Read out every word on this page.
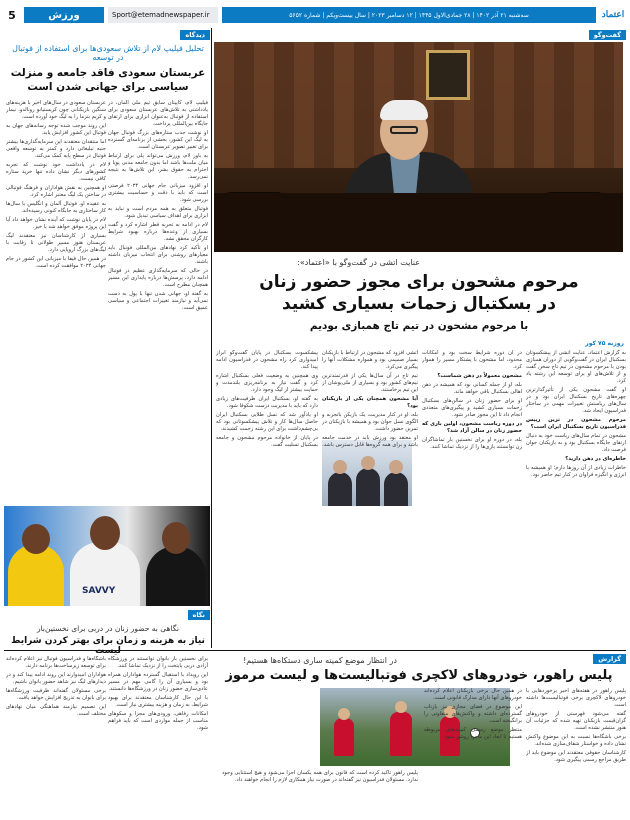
5	ورزش	Sport@etemadnewspaper.ir	سه‌شنبه ۲۱ آذر ۱۴۰۲ | ۲۸ جمادی‌الاول ۱۴۴۵ | ۱۲ دسامبر ۲۰۲۳ | سال بیست‌ویکم | شماره ۵۶۵۲	اعتماد
گفت‌وگو
دیدگاه
نگاه
گزارش
عنایت اتشی در گفت‌وگو با «اعتماد»:
مرحوم مشحون برای مجوز حضور زنان
در بسکتبال زحمات بسیاری کشید
با مرحوم مشحون در تیم تاج همبازی بودیم
روزبه ۷۵ کور

به گزارش اعتماد، عنایت اتشی از پیشکسوتان بسکتبال ایران در گفت‌وگویی از دوران همبازی بودن با مرحوم مشحون در تیم تاج سخن گفت و از تلاش‌های او برای توسعه این رشته یاد کرد.

او گفت مشحون یکی از تأثیرگذارترین چهره‌های تاریخ بسکتبال ایران بود و در سال‌های ریاستش تغییرات مهمی در ساختار فدراسیون ایجاد شد.

مرحوم مشحون در ترین رییس فدراسیون تاریخ بسکتبال ایران است؟

مشحون در تمام سال‌های ریاست خود به دنبال ارتقای جایگاه بسکتبال بود و به بازیکنان جوان فرصت داد.

خاطره‌ای در ذهن دارید؟

خاطرات زیادی از آن روزها دارم؛ او همیشه با انرژی و انگیزه فراوان در کنار تیم حاضر بود.

در آن دوره شرایط سخت بود و امکانات محدود، اما مشحون با پشتکار مسیر را هموار کرد.

مشحون معمولاً در ذهن شماست؟

بله، او از جمله کسانی بود که همیشه در ذهن اهالی بسکتبال باقی خواهد ماند.

او برای حضور زنان در سالن‌های بسکتبال زحمات بسیاری کشید و پیگیری‌های متعددی انجام داد تا این مجوز صادر شود.

در دوره ریاست مشحون، اولین باری که حضور زنان در سالن آزاد شد؟

بله، در دوره او برای نخستین بار تماشاگران زن توانستند بازی‌ها را از نزدیک تماشا کنند.

اتشی افزود که مشحون در ارتباط با بازیکنان بسیار صمیمی بود و همواره مشکلات آنها را پیگیری می‌کرد.

تیم تاج در آن سال‌ها یکی از قدرتمندترین تیم‌های کشور بود و بسیاری از ملی‌پوشان از این تیم برخاستند.

آیا مشحون همچنان یکی از بازیکنان بود؟

بله، او در کنار مدیریت، یک بازیکن باتجربه و الگوی نسل جوان بود و همیشه با بازیکنان در تمرین حضور داشت.

او معتقد بود ورزش باید در خدمت جامعه باشد و برای همه گروه‌ها قابل دسترس باشد.

پیشکسوت بسکتبال در پایان گفت‌وگو ابراز امیدواری کرد راه مشحون در فدراسیون ادامه پیدا کند.

وی همچنین به وضعیت فعلی بسکتبال اشاره کرد و گفت نیاز به برنامه‌ریزی بلندمدت و حمایت بیشتر از لیگ وجود دارد.

به گفته او، بسکتبال ایران ظرفیت‌های زیادی دارد که باید با مدیریت درست شکوفا شود.

او یادآور شد که نسل طلایی بسکتبال ایران حاصل سال‌ها کار و تلاش پیشکسوتانی بود که بی‌چشم‌داشت برای این رشته زحمت کشیدند.

در پایان از خانواده مرحوم مشحون و جامعه بسکتبال تسلیت گفت.

تحلیل فیلیپ لام از تلاش سعودی‌ها برای استفاده از فوتبال در توسعه
عربستان سعودی فاقد جامعه و منزلت سیاسی برای جهانی شدن است

فیلیپ لام، کاپیتان سابق تیم ملی آلمان، در یادداشتی به تلاش‌های عربستان سعودی برای استفاده از فوتبال به‌عنوان ابزاری برای ارتقای جایگاه بین‌المللی پرداخت.

او نوشت جذب ستاره‌های بزرگ فوتبال جهان به لیگ این کشور، بخشی از برنامه‌ای گسترده برای تغییر تصویر عربستان است.

به باور لام، ورزش می‌تواند پلی برای ارتباط میان ملت‌ها باشد اما بدون جامعه مدنی پویا و احترام به حقوق بشر، این تلاش‌ها به نتیجه نمی‌رسد.

او افزود میزبانی جام جهانی ۲۰۳۴ فرصتی است که باید با دقت و حساسیت بیشتری بررسی شود.

فوتبال متعلق به همه مردم است و نباید به ابزاری برای اهداف سیاسی تبدیل شود.

لام در ادامه به تجربه قطر اشاره کرد و گفت بسیاری از وعده‌ها درباره بهبود شرایط کارگران محقق نشد.

او تأکید کرد نهادهای بین‌المللی فوتبال باید معیارهای روشنی برای انتخاب میزبان داشته باشند.

در حالی که سرمایه‌گذاری عظیم در فوتبال ادامه دارد، پرسش‌ها درباره پایداری این مسیر همچنان مطرح است.

به گفته او، جهانی شدن تنها با پول به دست نمی‌آید و نیازمند تغییرات اجتماعی و سیاسی عمیق است.

عربستان سعودی در سال‌های اخیر با هزینه‌های سنگین بازیکنانی چون کریستیانو رونالدو، نیمار و کریم بنزما را به لیگ خود آورده است.

این روند موجب شده توجه رسانه‌های جهان به فوتبال این کشور افزایش یابد.

اما منتقدان معتقدند این سرمایه‌گذاری‌ها بیشتر جنبه تبلیغاتی دارد و کمتر به توسعه واقعی فوتبال در سطح پایه کمک می‌کند.

لام در یادداشت خود نوشت که تجربه کشورهای دیگر نشان داده تنها خرید ستاره کافی نیست.

او همچنین به نقش هواداران و فرهنگ فوتبالی در ساختن یک لیگ معتبر اشاره کرد.

به عقیده او، فوتبال آلمان و انگلیس با سال‌ها کار ساختاری به جایگاه کنونی رسیده‌اند.

لام در پایان نوشت که آینده نشان خواهد داد آیا این پروژه موفق خواهد شد یا خیر.

بسیاری از کارشناسان نیز معتقدند لیگ عربستان هنوز مسیر طولانی تا رقابت با لیگ‌های بزرگ اروپایی دارد.

در همین حال فیفا با میزبانی این کشور در جام جهانی ۲۰۳۴ موافقت کرده است.

SAVVY
نگاهی به حضور زنان در دربی برای نخستین‌بار
نیاز به هزینه و زمان برای بهتر کردن شرایط لیست

برای نخستین بار بانوان توانستند در ورزشگاه آزادی دربی پایتخت را از نزدیک تماشا کنند.

این رویداد با استقبال گسترده هواداران همراه بود و بسیاری آن را گامی مهم در مسیر عادی‌سازی حضور زنان در ورزشگاه‌ها دانستند.

با این حال کارشناسان معتقدند برای بهبود شرایط، به زمان و هزینه بیشتری نیاز است.

امکانات رفاهی، ورودی‌های مجزا و سکوهای مناسب از جمله مواردی است که باید فراهم شود.

باشگاه‌ها و فدراسیون فوتبال نیز اعلام کرده‌اند برای توسعه زیرساخت‌ها برنامه دارند.

هواداران امیدوارند این روند ادامه پیدا کند و در دیدارهای لیگ نیز شاهد حضور بانوان باشیم.

برخی مسئولان گفته‌اند ظرفیت ورزشگاه‌ها برای بانوان به تدریج افزایش خواهد یافت.

این تصمیم نیازمند هماهنگی میان نهادهای مختلف است.

در انتظار موضع کمیته ساری دستکاه‌ها هستیم!
پلیس راهور، خودروهای لاکچری فوتبالیست‌ها و لیست مرموز

پلیس راهور در هفته‌های اخیر برخوردهایی با خودروهای لاکچری برخی فوتبالیست‌ها داشته است.

گفته می‌شود فهرستی از خودروهای گران‌قیمت بازیکنان تهیه شده که جزئیات آن هنوز منتشر نشده است.

برخی باشگاه‌ها نسبت به این موضوع واکنش نشان داده و خواستار شفاف‌سازی شده‌اند.

کارشناسان حقوقی معتقدند این موضوع باید از طریق مراجع رسمی پیگیری شود.

در همین حال برخی بازیکنان اعلام کرده‌اند خودروهای آنها دارای مدارک قانونی است.

این موضوع در فضای مجازی نیز بازتاب گسترده‌ای داشته و واکنش‌های متفاوتی را برانگیخته است.

منتظر موضع رسمی کمیته‌های مربوطه هستیم تا ابعاد این ماجرا روشن شود.

پلیس راهور تأکید کرده است که قانون برای همه یکسان اجرا می‌شود و هیچ استثنایی وجود ندارد. مسئولان فدراسیون نیز گفته‌اند در صورت نیاز همکاری لازم را انجام خواهند داد.
